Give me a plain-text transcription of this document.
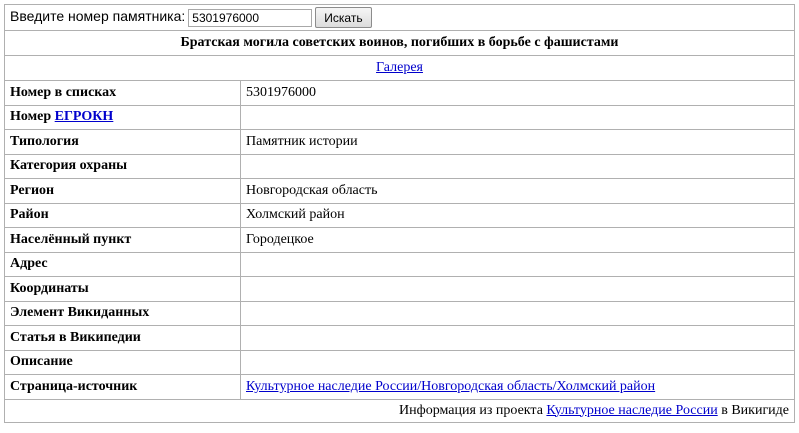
Введите номер памятника:5301976000 Искать
Братская могила советских воинов, погибших в борьбе с фашистами	
Галерея	
Номер в списках	5301976000
Номер ЕГРОКН	
Типология	Памятник истории
Категория охраны	
Регион	Новгородская область
Район	Холмский район
Населённый пункт	Городецкое
Адрес	
Координаты	
Элемент Викиданных	
Статья в Википедии	
Описание	
Страница-источник	Культурное наследие России/Новгородская область/Холмский район
Информация из проекта Культурное наследие России в Викигиде	
